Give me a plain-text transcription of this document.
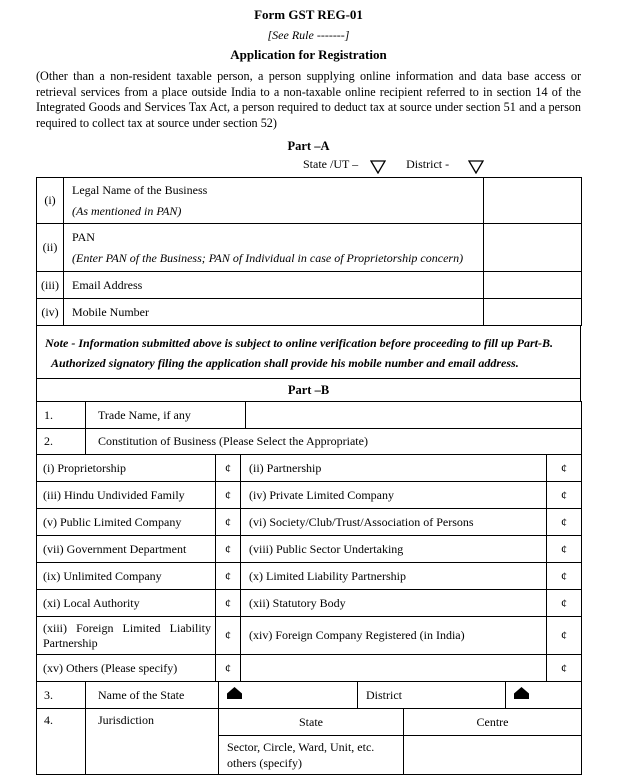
Form GST REG-01
[See Rule -------]
Application for Registration
(Other than a non-resident taxable person, a person supplying online information and data base access or retrieval services from a place outside India to a non-taxable online recipient referred to in section 14 of the Integrated Goods and Services Tax Act, a person required to deduct tax at source under section 51 and a person required to collect tax at source under section 52)
Part –A
State /UT –	District -
(i)	Legal Name of the Business
(As mentioned in PAN)	

(ii)	PAN
(Enter PAN of the Business; PAN of Individual in case of Proprietorship concern)	

(iii)	Email Address	

(iv)	Mobile Number	

Note - Information submitted above is subject to online verification before proceeding to fill up Part-B.
Authorized signatory filing the application shall provide his mobile number and email address.
Part –B
1.	Trade Name, if any	
2.	Constitution of Business (Please Select the Appropriate)
(i) Proprietorship	¢	(ii) Partnership	¢
(iii) Hindu Undivided Family	¢	(iv) Private Limited Company	¢
(v) Public Limited Company	¢	(vi) Society/Club/Trust/Association of Persons	¢
(vii) Government Department	¢	(viii) Public Sector Undertaking	¢
(ix) Unlimited Company	¢	(x) Limited Liability Partnership	¢
(xi) Local Authority	¢	(xii) Statutory Body	¢
(xiii) Foreign Limited Liability Partnership	¢	(xiv) Foreign Company Registered (in India)	¢
(xv) Others (Please specify)	¢		¢
3.	Name of the State		District	
4.	Jurisdiction	State	Centre
		Sector, Circle, Ward, Unit, etc. others (specify)	
